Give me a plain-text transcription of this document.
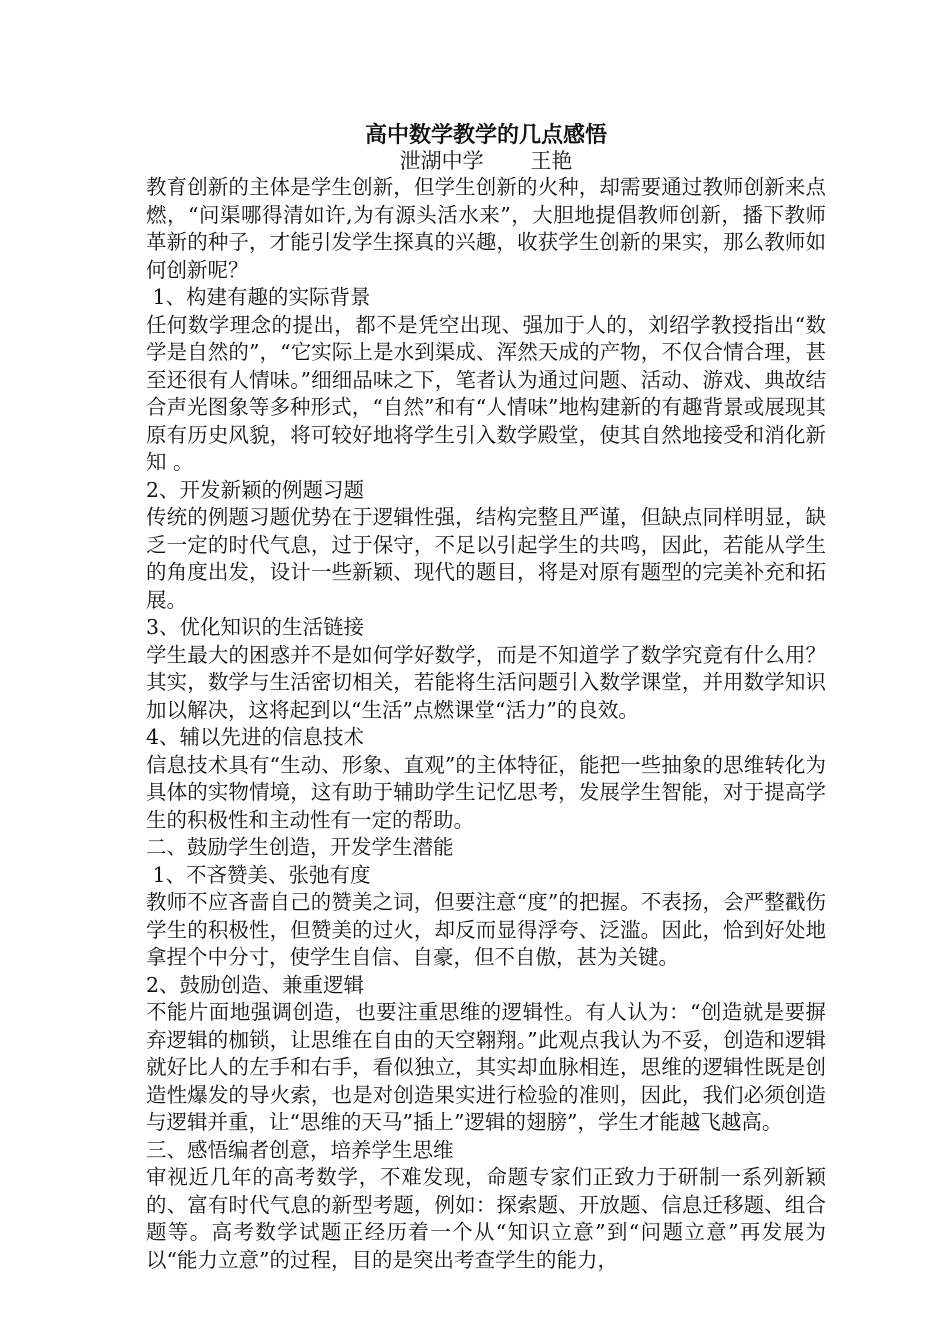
高中数学教学的几点感悟

泄湖中学       王艳

教育创新的主体是学生创新，但学生创新的火种，却需要通过教师创新来点燃，“问渠哪得清如许,为有源头活水来”，大胆地提倡教师创新，播下教师革新的种子，才能引发学生探真的兴趣，收获学生创新的果实，那么教师如何创新呢？

1、构建有趣的实际背景

任何数学理念的提出，都不是凭空出现、强加于人的，刘绍学教授指出“数学是自然的”，“它实际上是水到渠成、浑然天成的产物，不仅合情合理，甚至还很有人情味。”细细品味之下，笔者认为通过问题、活动、游戏、典故结合声光图象等多种形式，“自然”和有“人情味”地构建新的有趣背景或展现其原有历史风貌，将可较好地将学生引入数学殿堂，使其自然地接受和消化新知 。

2、开发新颖的例题习题

传统的例题习题优势在于逻辑性强，结构完整且严谨，但缺点同样明显，缺乏一定的时代气息，过于保守，不足以引起学生的共鸣，因此，若能从学生的角度出发，设计一些新颖、现代的题目，将是对原有题型的完美补充和拓展。

3、优化知识的生活链接

学生最大的困惑并不是如何学好数学，而是不知道学了数学究竟有什么用？其实，数学与生活密切相关，若能将生活问题引入数学课堂，并用数学知识加以解决，这将起到以“生活”点燃课堂“活力”的良效。

4、辅以先进的信息技术

信息技术具有“生动、形象、直观”的主体特征，能把一些抽象的思维转化为具体的实物情境，这有助于辅助学生记忆思考，发展学生智能，对于提高学生的积极性和主动性有一定的帮助。

二、鼓励学生创造，开发学生潜能

1、不吝赞美、张弛有度

教师不应吝啬自己的赞美之词，但要注意“度”的把握。不表扬，会严整戳伤学生的积极性，但赞美的过火，却反而显得浮夸、泛滥。因此，恰到好处地拿捏个中分寸，使学生自信、自豪，但不自傲，甚为关键。

2、鼓励创造、兼重逻辑

不能片面地强调创造，也要注重思维的逻辑性。有人认为：“创造就是要摒弃逻辑的枷锁，让思维在自由的天空翱翔。”此观点我认为不妥，创造和逻辑就好比人的左手和右手，看似独立，其实却血脉相连，思维的逻辑性既是创造性爆发的导火索，也是对创造果实进行检验的准则，因此，我们必须创造与逻辑并重，让“思维的天马”插上”逻辑的翅膀”，学生才能越飞越高。

三、感悟编者创意，培养学生思维

审视近几年的高考数学，不难发现，命题专家们正致力于研制一系列新颖的、富有时代气息的新型考题，例如：探索题、开放题、信息迁移题、组合题等。高考数学试题正经历着一个从“知识立意”到“问题立意”再发展为以“能力立意”的过程，目的是突出考查学生的能力，
